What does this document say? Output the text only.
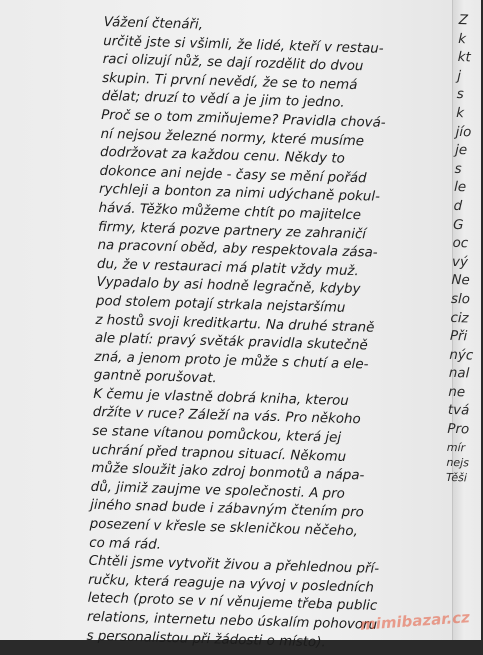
Vážení čtenáři,
určitě jste si všimli, že lidé, kteří v restau-
raci olizují nůž, se dají rozdělit do dvou
skupin. Ti první nevědí, že se to nemá
dělat; druzí to vědí a je jim to jedno.
Proč se o tom zmiňujeme? Pravidla chová-
ní nejsou železné normy, které musíme
dodržovat za každou cenu. Někdy to
dokonce ani nejde - časy se mění pořád
rychleji a bonton za nimi udýchaně pokul-
hává. Těžko můžeme chtít po majitelce
firmy, která pozve partnery ze zahraničí
na pracovní oběd, aby respektovala zása-
du, že v restauraci má platit vždy muž.
Vypadalo by asi hodně legračně, kdyby
pod stolem potají strkala nejstaršímu
z hostů svoji kreditkartu. Na druhé straně
ale platí: pravý světák pravidla skutečně
zná, a jenom proto je může s chutí a ele-
gantně porušovat.
K čemu je vlastně dobrá kniha, kterou
držíte v ruce? Záleží na vás. Pro někoho
se stane vítanou pomůckou, která jej
uchrání před trapnou situací. Někomu
může sloužit jako zdroj bonmotů a nápa-
dů, jimiž zaujme ve společnosti. A pro
jiného snad bude i zábavným čtením pro
posezení v křesle se skleničkou něčeho,
co má rád.
Chtěli jsme vytvořit živou a přehlednou pří-
ručku, která reaguje na vývoj v posledních
letech (proto se v ní věnujeme třeba public
relations, internetu nebo úskalím pohovoru
s personalistou při žádosti o místo).
Z
k
kt
j
s
k
jío
je
s
le
d
G
oc
vý
Ne
slo
ciz
Při
nýc
nal
ne
tvá
Pro
mír
nejs
Těši
mimibazar.cz
